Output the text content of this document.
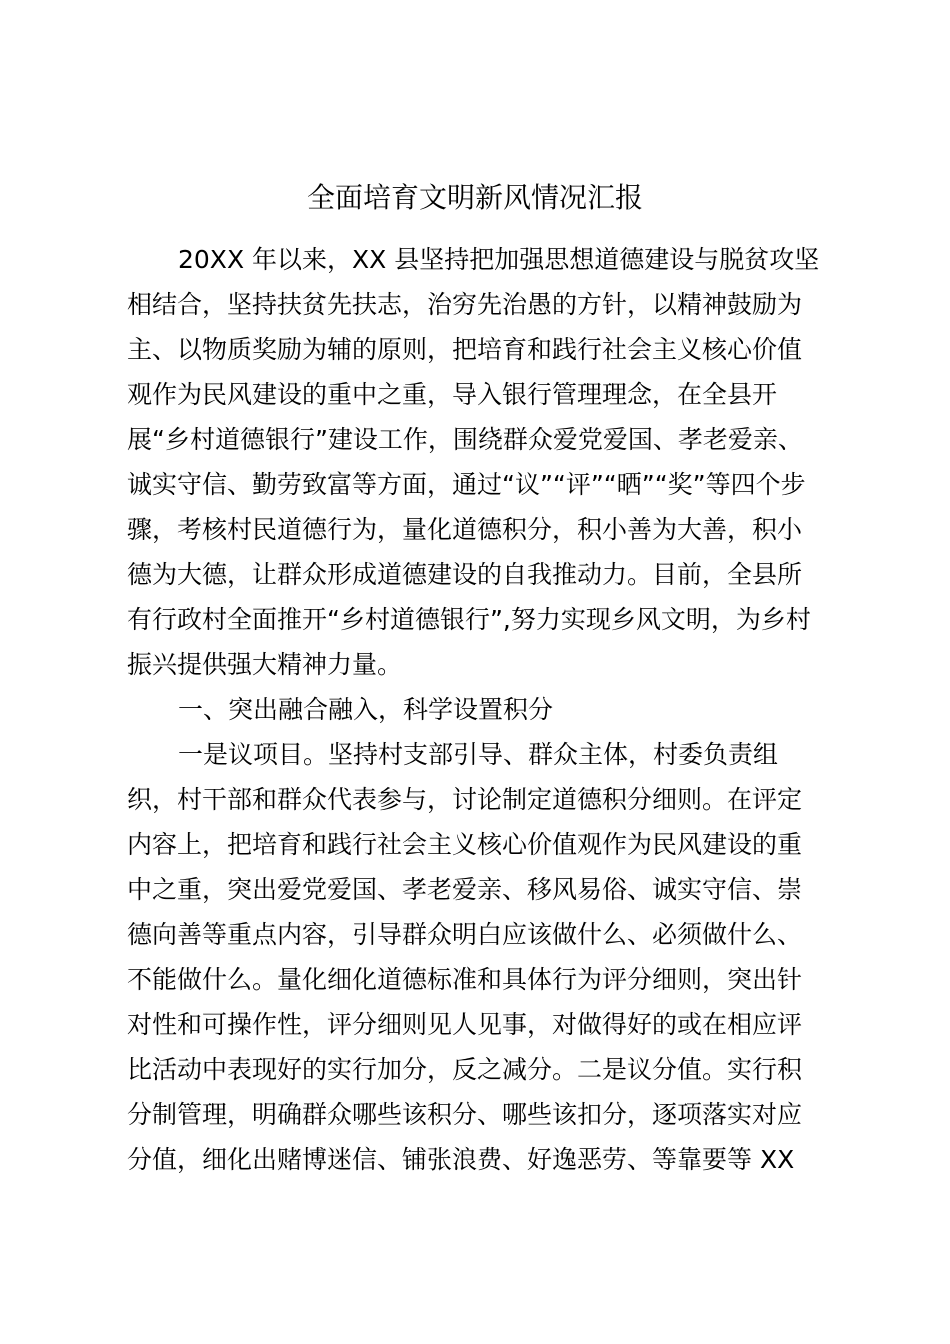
全面培育文明新风情况汇报

20XX 年以来，XX 县坚持把加强思想道德建设与脱贫攻坚

相结合，坚持扶贫先扶志，治穷先治愚的方针，以精神鼓励为

主、以物质奖励为辅的原则，把培育和践行社会主义核心价值

观作为民风建设的重中之重，导入银行管理理念，在全县开

展“乡村道德银行”建设工作，围绕群众爱党爱国、孝老爱亲、

诚实守信、勤劳致富等方面，通过“议”“评”“晒”“奖”等四个步

骤，考核村民道德行为，量化道德积分，积小善为大善，积小

德为大德，让群众形成道德建设的自我推动力。目前，全县所

有行政村全面推开“乡村道德银行”,努力实现乡风文明，为乡村

振兴提供强大精神力量。

一、突出融合融入，科学设置积分

一是议项目。坚持村支部引导、群众主体，村委负责组

织，村干部和群众代表参与，讨论制定道德积分细则。在评定

内容上，把培育和践行社会主义核心价值观作为民风建设的重

中之重，突出爱党爱国、孝老爱亲、移风易俗、诚实守信、崇

德向善等重点内容，引导群众明白应该做什么、必须做什么、

不能做什么。量化细化道德标准和具体行为评分细则，突出针

对性和可操作性，评分细则见人见事，对做得好的或在相应评

比活动中表现好的实行加分，反之减分。二是议分值。实行积

分制管理，明确群众哪些该积分、哪些该扣分，逐项落实对应

分值，细化出赌博迷信、铺张浪费、好逸恶劳、等靠要等 XX
